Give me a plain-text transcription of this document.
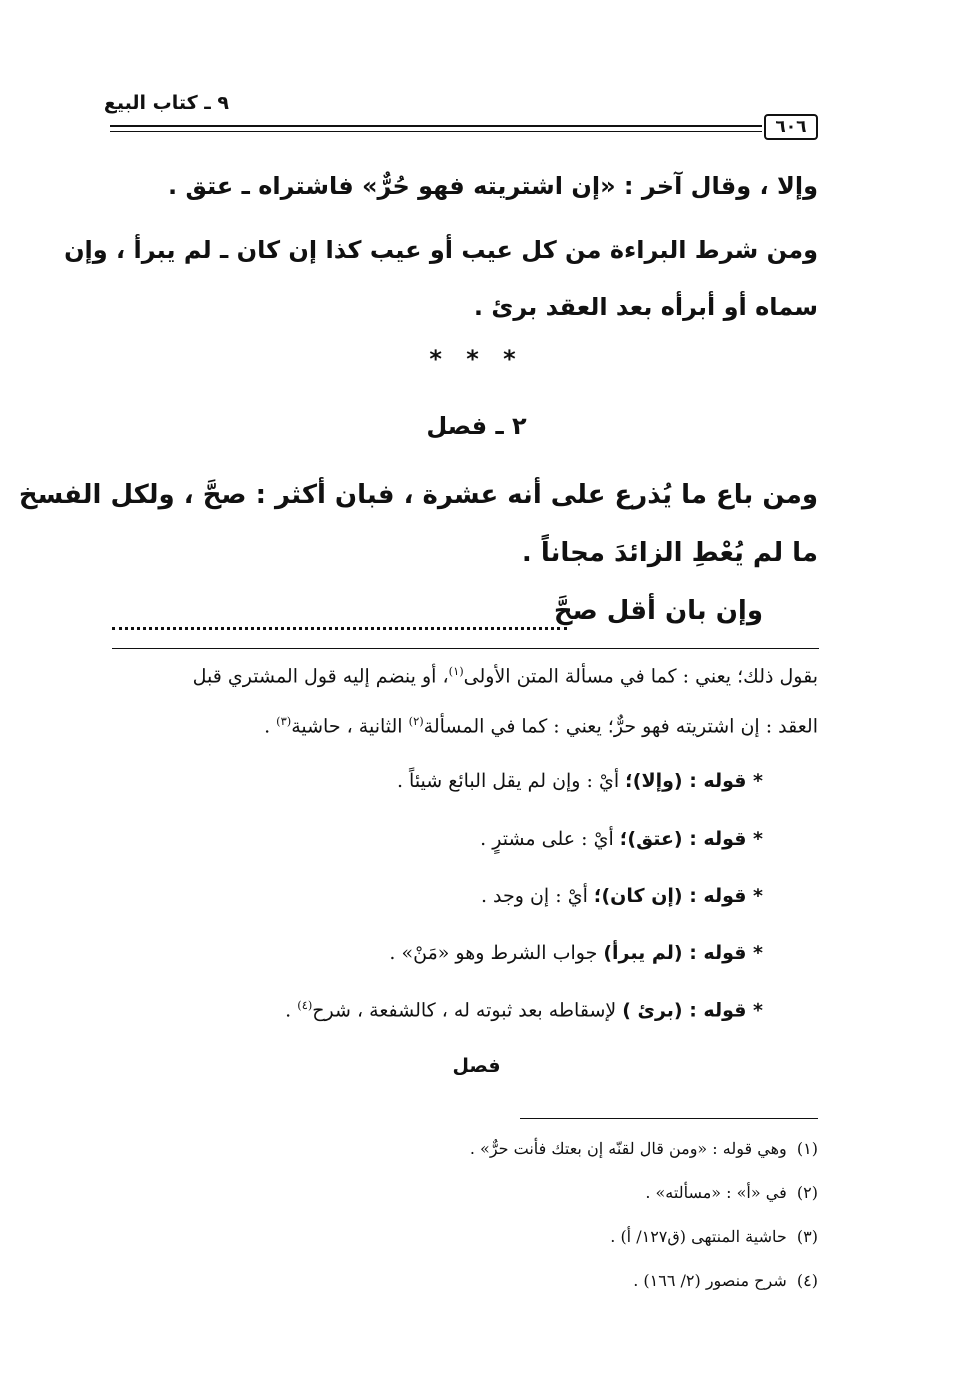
٦٠٦
٩ ـ كتاب البيع
وإلا ، وقال آخر : «إن اشتريته فهو حُرٌّ» فاشتراه ـ عتق .
ومن شرط البراءة من كل عيب أو عيب كذا إن كان ـ لم يبرأ ، وإن
سماه أو أبرأه بعد العقد برئ .
* * *
٢ ـ فصل
ومن باع ما يُذرع على أنه عشرة ، فبان أكثر : صحَّ ، ولكل الفسخ
ما لم يُعْطِ الزائدَ مجاناً .
وإن بان أقل صحَّ
بقول ذلك؛ يعني : كما في مسألة المتن الأولى$^{(١)}$، أو ينضم إليه قول المشتري قبل
العقد : إن اشتريته فهو حرٌّ؛ يعني : كما في المسألة$^{(٢)}$ الثانية ، حاشية$^{(٣)}$ .
* قوله : (وإلا)؛ أيْ : وإن لم يقل البائع شيئاً .
* قوله : (عتق)؛ أيْ : على مشترٍ .
* قوله : (إن كان)؛ أيْ : إن وجد .
* قوله : (لم يبرأ) جواب الشرط وهو «مَنْ» .
* قوله : (برئ ) لإسقاطه بعد ثبوته له ، كالشفعة ، شرح$^{(٤)}$ .
فصل
(١)  وهي قوله : «ومن قال لقنّه إن بعتك فأنت حرٌّ» .
(٢)  في «أ» : «مسألته» .
(٣)  حاشية المنتهى (ق١٢٧/ أ) .
(٤)  شرح منصور (٢/ ١٦٦) .
